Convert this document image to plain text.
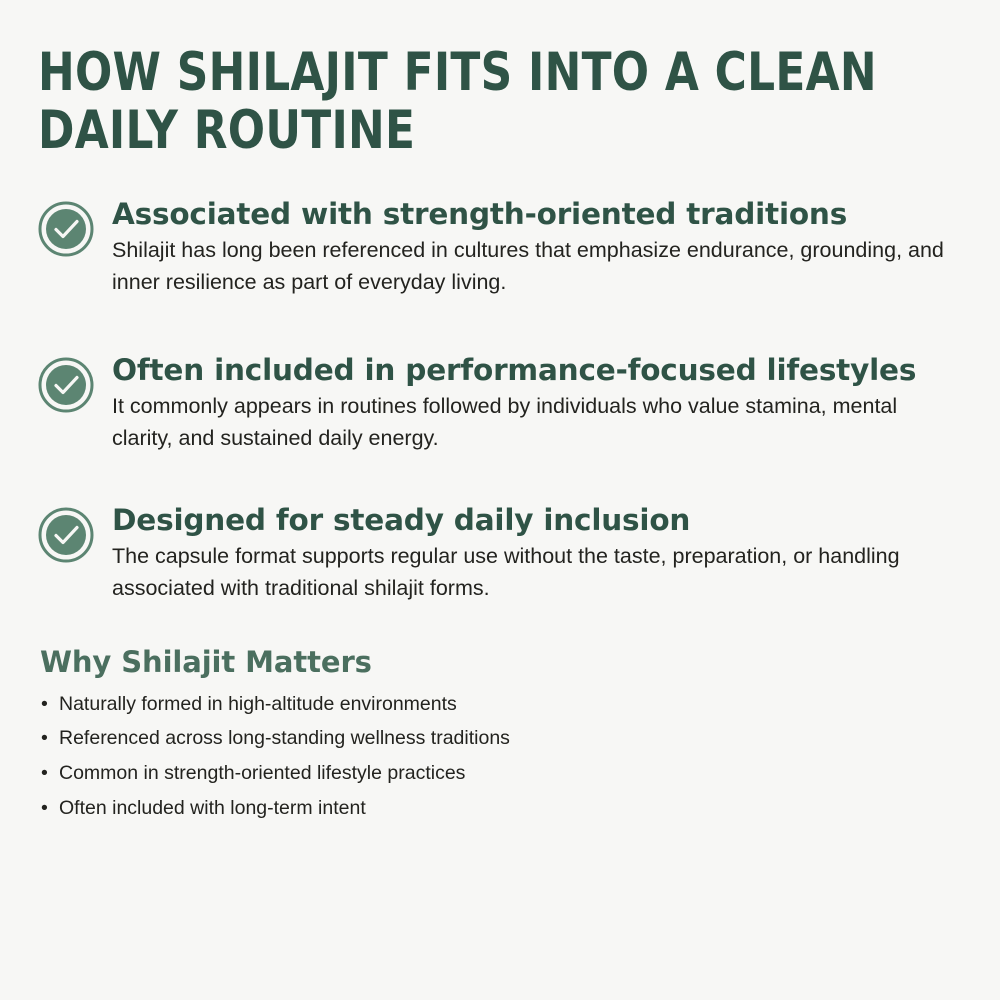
HOW SHILAJIT FITS INTO A CLEAN DAILY ROUTINE

Associated with strength-oriented traditions

Shilajit has long been referenced in cultures that emphasize endurance, grounding, and inner resilience as part of everyday living.

Often included in performance-focused lifestyles

It commonly appears in routines followed by individuals who value stamina, mental clarity, and sustained daily energy.

Designed for steady daily inclusion

The capsule format supports regular use without the taste, preparation, or handling associated with traditional shilajit forms.

Why Shilajit Matters
• Naturally formed in high-altitude environments
• Referenced across long-standing wellness traditions
• Common in strength-oriented lifestyle practices
• Often included with long-term intent
